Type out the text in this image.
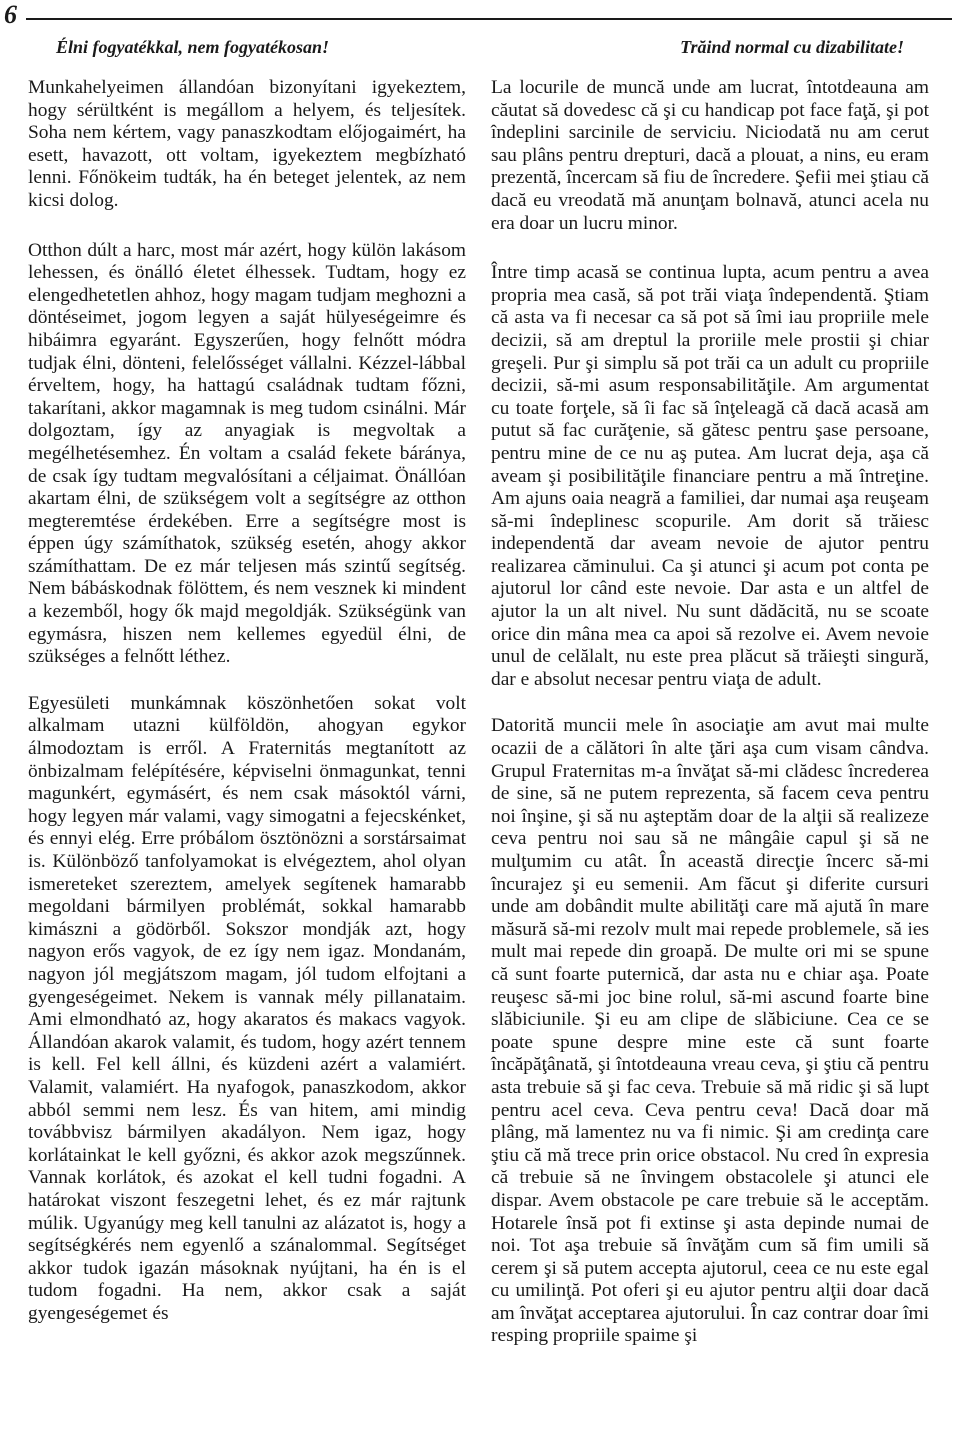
6
Élni fogyatékkal, nem fogyatékosan!	Trăind normal cu dizabilitate!

Munkahelyeimen állandóan bizonyítani igyekeztem, hogy sérültként is megállom a helyem, és teljesítek. Soha nem kértem, vagy panaszkodtam előjogaimért, ha esett, havazott, ott voltam, igyekeztem megbízható lenni. Főnökeim tudták, ha én beteget jelentek, az nem kicsi dolog.

Otthon dúlt a harc, most már azért, hogy külön lakásom lehessen, és önálló életet élhessek. Tudtam, hogy ez elengedhetetlen ahhoz, hogy magam tudjam meghozni a döntéseimet, jogom legyen a saját hülyeségeimre és hibáimra egyaránt. Egyszerűen, hogy felnőtt módra tudjak élni, dönteni, felelősséget vállalni. Kézzel-lábbal érveltem, hogy, ha hattagú családnak tudtam főzni, takarítani, akkor magamnak is meg tudom csinálni. Már dolgoztam, így az anyagiak is megvoltak a megélhetésemhez. Én voltam a család fekete báránya, de csak így tudtam megvalósítani a céljaimat. Önállóan akartam élni, de szükségem volt a segítségre az otthon megteremtése érdekében. Erre a segítségre most is éppen úgy számíthatok, szükség esetén, ahogy akkor számíthattam. De ez már teljesen más szintű segítség. Nem bábáskodnak fölöttem, és nem vesznek ki mindent a kezemből, hogy ők majd megoldják. Szükségünk van egymásra, hiszen nem kellemes egyedül élni, de szükséges a felnőtt léthez.

Egyesületi munkámnak köszönhetően sokat volt alkalmam utazni külföldön, ahogyan egykor álmodoztam is erről. A Fraternitás megtanított az önbizalmam felépítésére, képviselni önmagunkat, tenni magunkért, egymásért, és nem csak másoktól várni, hogy legyen már valami, vagy simogatni a fejecskénket, és ennyi elég. Erre próbálom ösztönözni a sorstársaimat is. Különböző tanfolyamokat is elvégeztem, ahol olyan ismereteket szereztem, amelyek segítenek hamarabb megoldani bármilyen problémát, sokkal hamarabb kimászni a gödörből. Sokszor mondják azt, hogy nagyon erős vagyok, de ez így nem igaz. Mondanám, nagyon jól megjátszom magam, jól tudom elfojtani a gyengeségeimet. Nekem is vannak mély pillanataim. Ami elmondható az, hogy akaratos és makacs vagyok. Állandóan akarok valamit, és tudom, hogy azért tennem is kell. Fel kell állni, és küzdeni azért a valamiért. Valamit, valamiért. Ha nyafogok, panaszkodom, akkor abból semmi nem lesz. És van hitem, ami mindig továbbvisz bármilyen akadályon. Nem igaz, hogy korlátainkat le kell győzni, és akkor azok megszűnnek. Vannak korlátok, és azokat el kell tudni fogadni. A határokat viszont feszegetni lehet, és ez már rajtunk múlik. Ugyanúgy meg kell tanulni az alázatot is, hogy a segítségkérés nem egyenlő a szánalommal. Segítséget akkor tudok igazán másoknak nyújtani, ha én is el tudom fogadni. Ha nem, akkor csak a saját gyengeségemet és

La locurile de muncă unde am lucrat, întotdeauna am căutat să dovedesc că şi cu handicap pot face faţă, şi pot îndeplini sarcinile de serviciu. Niciodată nu am cerut sau plâns pentru drepturi, dacă a plouat, a nins, eu eram prezentă, încercam să fiu de încredere. Şefii mei ştiau că dacă eu vreodată mă anunţam bolnavă, atunci acela nu era doar un lucru minor.

Între timp acasă se continua lupta, acum pentru a avea propria mea casă, să pot trăi viaţa îndependentă. Ştiam că asta va fi necesar ca să pot să îmi iau propriile mele decizii, să am dreptul la proriile mele prostii şi chiar greşeli. Pur şi simplu să pot trăi ca un adult cu propriile decizii, să-mi asum responsabilităţile. Am argumentat cu toate forţele, să îi fac să înţeleagă că dacă acasă am putut să fac curăţenie, să gătesc pentru şase persoane, pentru mine de ce nu aş putea. Am lucrat deja, aşa că aveam şi posibilităţile financiare pentru a mă întreţine. Am ajuns oaia neagră a familiei, dar numai aşa reuşeam să-mi îndeplinesc scopurile. Am dorit să trăiesc independentă dar aveam nevoie de ajutor pentru realizarea căminului. Ca şi atunci şi acum pot conta pe ajutorul lor când este nevoie. Dar asta e un altfel de ajutor la un alt nivel. Nu sunt dădăcită, nu se scoate orice din mâna mea ca apoi să rezolve ei. Avem nevoie unul de celălalt, nu este prea plăcut să trăieşti singură, dar e absolut necesar pentru viaţa de adult.

Datorită muncii mele în asociaţie am avut mai multe ocazii de a călători în alte ţări aşa cum visam cândva. Grupul Fraternitas m-a învăţat să-mi clădesc încrederea de sine, să ne putem reprezenta, să facem ceva pentru noi înşine, şi să nu aşteptăm doar de la alţii să realizeze ceva pentru noi sau să ne mângâie capul şi să ne mulţumim cu atât. În această direcţie încerc să-mi încurajez şi eu semenii. Am făcut şi diferite cursuri unde am dobândit multe abilităţi care mă ajută în mare măsură să-mi rezolv mult mai repede problemele, să ies mult mai repede din groapă. De multe ori mi se spune că sunt foarte puternică, dar asta nu e chiar aşa. Poate reuşesc să-mi joc bine rolul, să-mi ascund foarte bine slăbiciunile. Şi eu am clipe de slăbiciune. Cea ce se poate spune despre mine este că sunt foarte încăpăţânată, şi întotdeauna vreau ceva, şi ştiu că pentru asta trebuie să şi fac ceva. Trebuie să mă ridic şi să lupt pentru acel ceva. Ceva pentru ceva! Dacă doar mă plâng, mă lamentez nu va fi nimic. Şi am credinţa care ştiu că mă trece prin orice obstacol. Nu cred în expresia că trebuie să ne învingem obstacolele şi atunci ele dispar. Avem obstacole pe care trebuie să le acceptăm. Hotarele însă pot fi extinse şi asta depinde numai de noi. Tot aşa trebuie să învăţăm cum să fim umili să cerem şi să putem accepta ajutorul, ceea ce nu este egal cu umilinţă. Pot oferi şi eu ajutor pentru alţii doar dacă am învăţat acceptarea ajutorului. În caz contrar doar îmi resping propriile spaime şi
